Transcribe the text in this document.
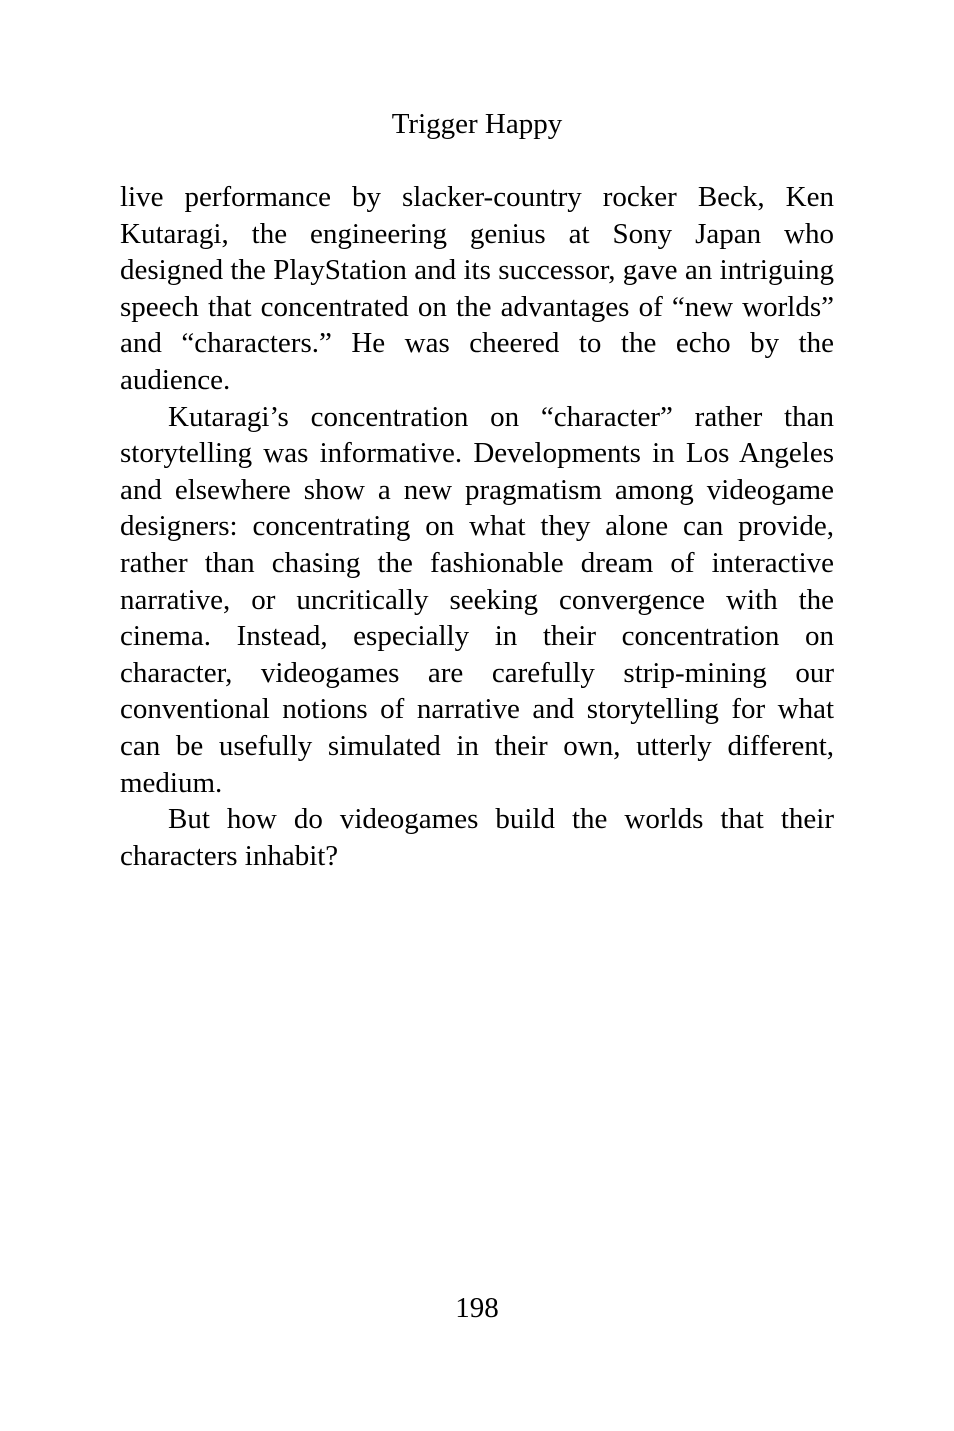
Trigger Happy

live performance by slacker-country rocker Beck, Ken Kutaragi, the engineering genius at Sony Japan who designed the PlayStation and its successor, gave an intriguing speech that concentrated on the advantages of “new worlds” and “characters.” He was cheered to the echo by the audience.

Kutaragi’s concentration on “character” rather than storytelling was informative. Developments in Los Angeles and elsewhere show a new pragmatism among videogame designers: concentrating on what they alone can provide, rather than chasing the fashionable dream of interactive narrative, or uncritically seeking convergence with the cinema. Instead, especially in their concentration on character, videogames are carefully strip-mining our conventional notions of narrative and storytelling for what can be usefully simulated in their own, utterly different, medium.

But how do videogames build the worlds that their characters inhabit?

198
